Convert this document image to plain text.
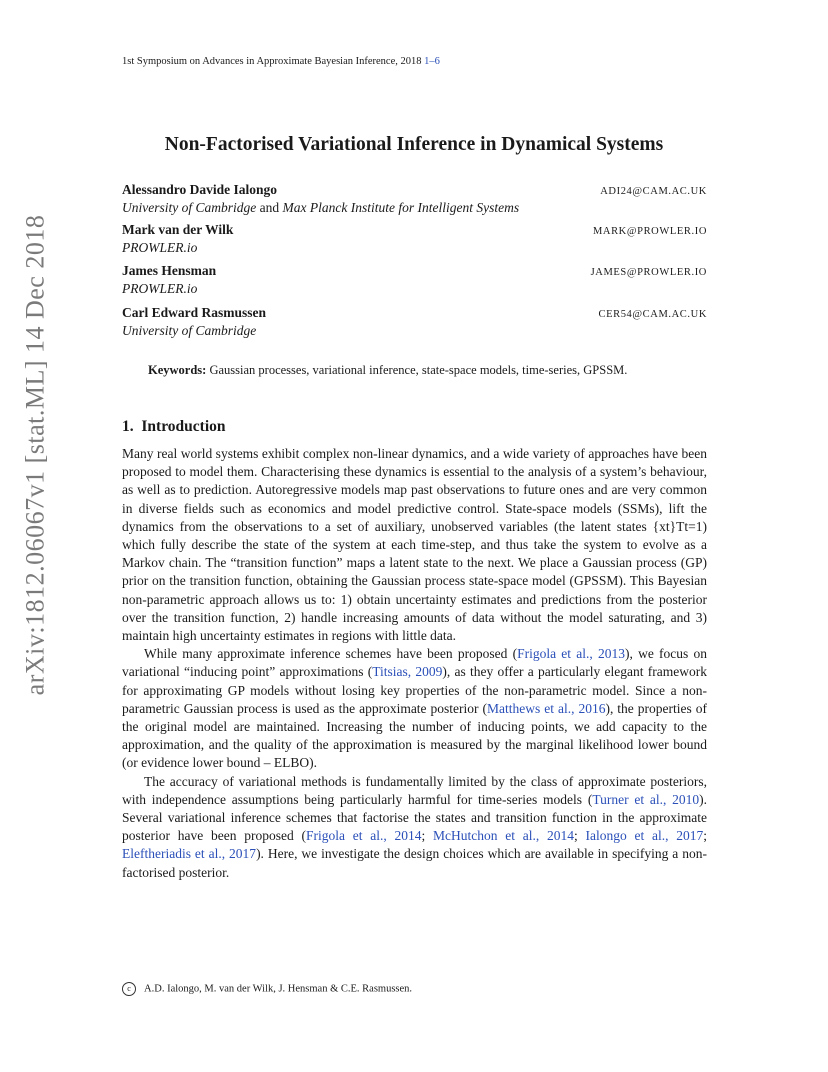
arXiv:1812.06067v1 [stat.ML] 14 Dec 2018
1st Symposium on Advances in Approximate Bayesian Inference, 2018 1–6
Non-Factorised Variational Inference in Dynamical Systems
Alessandro Davide Ialongo	ADI24@CAM.AC.UK
University of Cambridge and Max Planck Institute for Intelligent Systems
Mark van der Wilk	MARK@PROWLER.IO
PROWLER.io
James Hensman	JAMES@PROWLER.IO
PROWLER.io
Carl Edward Rasmussen	CER54@CAM.AC.UK
University of Cambridge
Keywords: Gaussian processes, variational inference, state-space models, time-series, GPSSM.
1. Introduction

Many real world systems exhibit complex non-linear dynamics, and a wide variety of approaches have been proposed to model them. Characterising these dynamics is essential to the analysis of a system’s behaviour, as well as to prediction. Autoregressive models map past observations to future ones and are very common in diverse fields such as economics and model predictive control. State-space models (SSMs), lift the dynamics from the observations to a set of auxiliary, unobserved variables (the latent states {xt}Tt=1) which fully describe the state of the system at each time-step, and thus take the system to evolve as a Markov chain. The “transition function” maps a latent state to the next. We place a Gaussian process (GP) prior on the transition function, obtaining the Gaussian process state-space model (GPSSM). This Bayesian non-parametric approach allows us to: 1) obtain uncertainty estimates and predictions from the posterior over the transition function, 2) handle increasing amounts of data without the model saturating, and 3) maintain high uncertainty estimates in regions with little data.

While many approximate inference schemes have been proposed (Frigola et al., 2013), we focus on variational “inducing point” approximations (Titsias, 2009), as they offer a particularly elegant framework for approximating GP models without losing key properties of the non-parametric model. Since a non-parametric Gaussian process is used as the approximate posterior (Matthews et al., 2016), the properties of the original model are maintained. Increasing the number of inducing points, we add capacity to the approximation, and the quality of the approximation is measured by the marginal likelihood lower bound (or evidence lower bound – ELBO).

The accuracy of variational methods is fundamentally limited by the class of approximate posteriors, with independence assumptions being particularly harmful for time-series models (Turner et al., 2010). Several variational inference schemes that factorise the states and transition function in the approximate posterior have been proposed (Frigola et al., 2014; McHutchon et al., 2014; Ialongo et al., 2017; Eleftheriadis et al., 2017). Here, we investigate the design choices which are available in specifying a non-factorised posterior.

c A.D. Ialongo, M. van der Wilk, J. Hensman & C.E. Rasmussen.
